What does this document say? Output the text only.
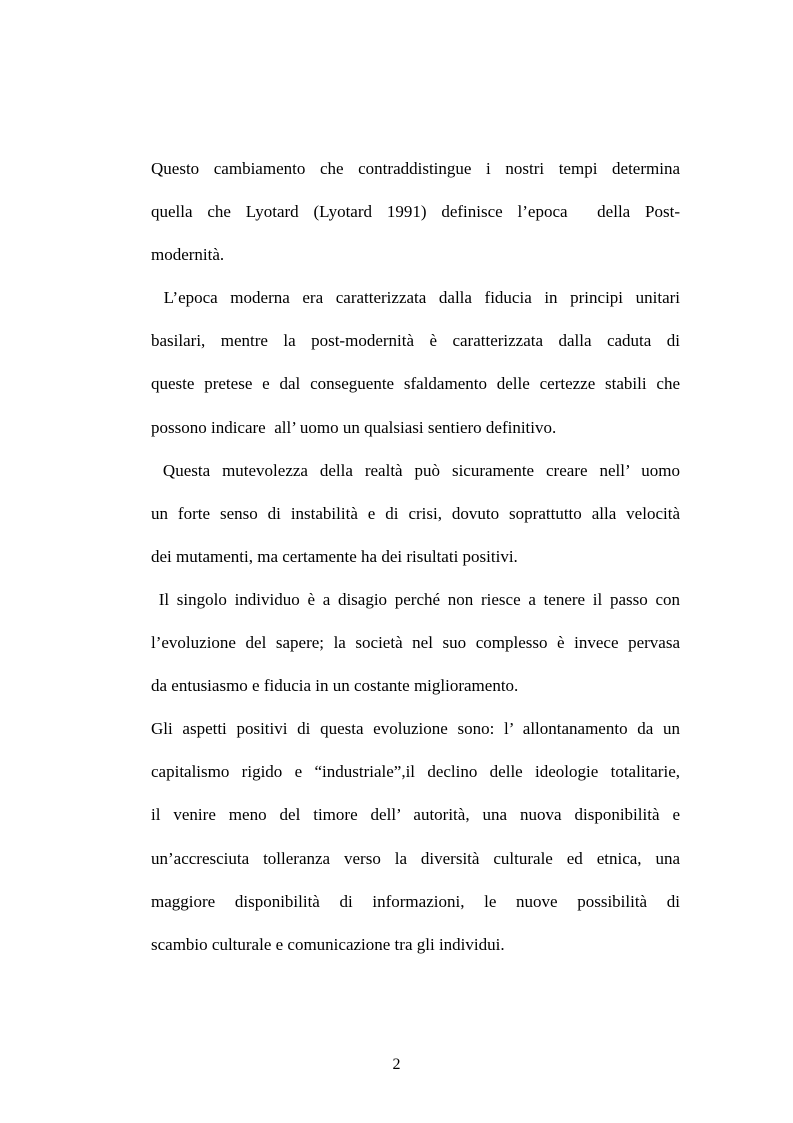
Questo cambiamento che contraddistingue i nostri tempi determina
quella che Lyotard (Lyotard 1991) definisce l’epoca  della Post-
modernità.
L’epoca moderna era caratterizzata dalla fiducia in principi unitari
basilari, mentre la post-modernità è caratterizzata dalla caduta di
queste pretese e dal conseguente sfaldamento delle certezze stabili che
possono indicare  all’ uomo un qualsiasi sentiero definitivo.
Questa mutevolezza della realtà può sicuramente creare nell’ uomo
un forte senso di instabilità e di crisi, dovuto soprattutto alla velocità
dei mutamenti, ma certamente ha dei risultati positivi.
Il singolo individuo è a disagio perché non riesce a tenere il passo con
l’evoluzione del sapere; la società nel suo complesso è invece pervasa
da entusiasmo e fiducia in un costante miglioramento.
Gli aspetti positivi di questa evoluzione sono: l’ allontanamento da un
capitalismo rigido e “industriale”,il declino delle ideologie totalitarie,
il venire meno del timore dell’ autorità, una nuova disponibilità e
un’accresciuta tolleranza verso la diversità culturale ed etnica, una
maggiore disponibilità di informazioni, le nuove possibilità di
scambio culturale e comunicazione tra gli individui.
2
